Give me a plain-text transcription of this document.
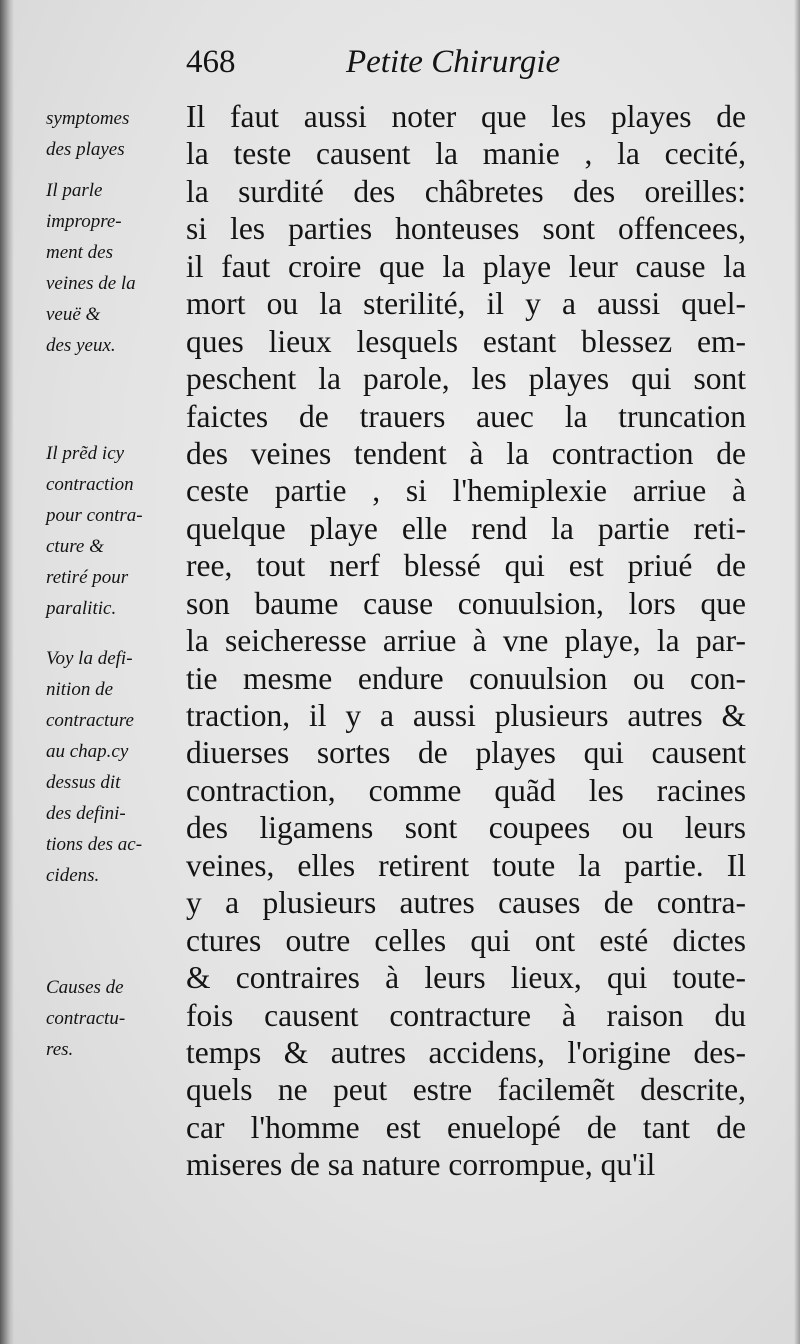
468	Petite Chirurgie
Il faut aussi noter que les playes de
la teste causent la manie , la cecité,
la surdité des châbretes des oreilles:
si les parties honteuses sont offencees,
il faut croire que la playe leur cause la
mort ou la sterilité, il y a aussi quel-
ques lieux lesquels estant blessez em-
peschent la parole, les playes qui sont
faictes de trauers auec la truncation
des veines tendent à la contraction de
ceste partie , si l'hemiplexie arriue à
quelque playe elle rend la partie reti-
ree, tout nerf blessé qui est priué de
son baume cause conuulsion, lors que
la seicheresse arriue à vne playe, la par-
tie mesme endure conuulsion ou con-
traction, il y a aussi plusieurs autres &
diuerses sortes de playes qui causent
contraction, comme quãd les racines
des ligamens sont coupees ou leurs
veines, elles retirent toute la partie. Il
y a plusieurs autres causes de contra-
ctures outre celles qui ont esté dictes
& contraires à leurs lieux, qui toute-
fois causent contracture à raison du
temps & autres accidens, l'origine des-
quels ne peut estre facilemẽt descrite,
car l'homme est enuelopé de tant de
miseres de sa nature corrompue, qu'il
symptomes
des playes
Il parle
impropre-
ment des
veines de la
veuë &
des yeux.
Il prẽd icy
contraction
pour contra-
cture &
retiré pour
paralitic.
Voy la defi-
nition de
contracture
au chap.cy
dessus dit
des defini-
tions des ac-
cidens.
Causes de
contractu-
res.
